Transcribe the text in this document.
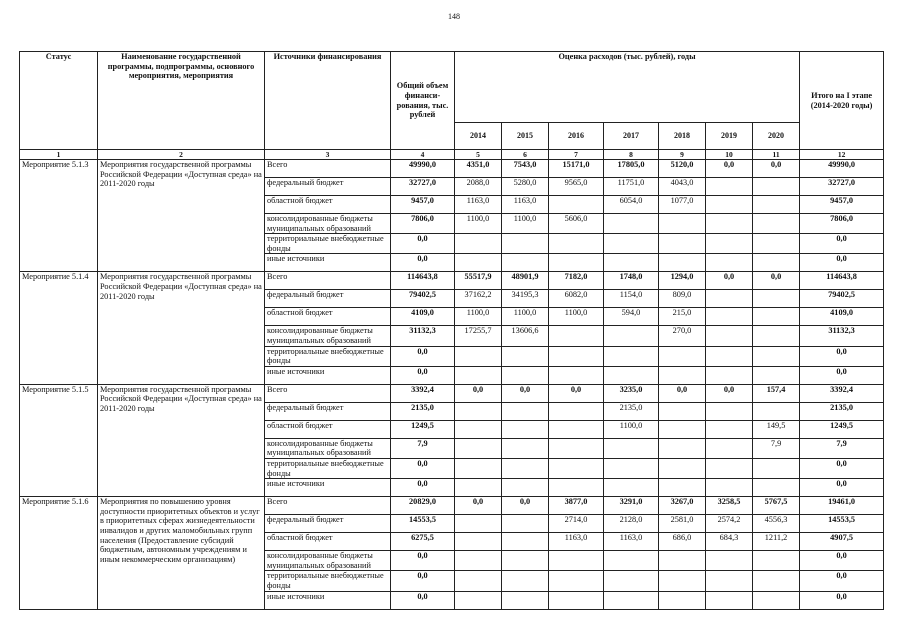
148
Статус	Наименование государственной программы, подпрограммы, основного мероприятия, мероприятия	Источники финансирования	Общий объем финанси-рования, тыс. рублей	Оценка расходов (тыс. рублей), годы							Итого на I этапе (2014-2020 годы)
				2014	2015	2016	2017	2018	2019	2020	
1	2	3	4	5	6	7	8	9	10	11	12
Мероприятие 5.1.3	Мероприятия государственной программы Российской Федерации «Доступная среда» на 2011-2020 годы	Всего	49990,0	4351,0	7543,0	15171,0	17805,0	5120,0	0,0	0,0	49990,0
		федеральный бюджет	32727,0	2088,0	5280,0	9565,0	11751,0	4043,0			32727,0
		областной бюджет	9457,0	1163,0	1163,0		6054,0	1077,0			9457,0
		консолидированные бюджеты муниципальных образований	7806,0	1100,0	1100,0	5606,0					7806,0
		территориальные внебюджетные фонды	0,0								0,0
		иные источники	0,0								0,0
Мероприятие 5.1.4	Мероприятия государственной программы Российской Федерации «Доступная среда» на 2011-2020 годы	Всего	114643,8	55517,9	48901,9	7182,0	1748,0	1294,0	0,0	0,0	114643,8
		федеральный бюджет	79402,5	37162,2	34195,3	6082,0	1154,0	809,0			79402,5
		областной бюджет	4109,0	1100,0	1100,0	1100,0	594,0	215,0			4109,0
		консолидированные бюджеты муниципальных образований	31132,3	17255,7	13606,6			270,0			31132,3
		территориальные внебюджетные фонды	0,0								0,0
		иные источники	0,0								0,0
Мероприятие 5.1.5	Мероприятия государственной программы Российской Федерации «Доступная среда» на 2011-2020 годы	Всего	3392,4	0,0	0,0	0,0	3235,0	0,0	0,0	157,4	3392,4
		федеральный бюджет	2135,0				2135,0				2135,0
		областной бюджет	1249,5				1100,0			149,5	1249,5
		консолидированные бюджеты муниципальных образований	7,9							7,9	7,9
		территориальные внебюджетные фонды	0,0								0,0
		иные источники	0,0								0,0
Мероприятие 5.1.6	Мероприятия по повышению уровня доступности приоритетных объектов и услуг в приоритетных сферах жизнедеятельности инвалидов и других маломобильных групп населения (Предоставление субсидий бюджетным, автономным учреждениям и иным некоммерческим организациям)	Всего	20829,0	0,0	0,0	3877,0	3291,0	3267,0	3258,5	5767,5	19461,0
		федеральный бюджет	14553,5			2714,0	2128,0	2581,0	2574,2	4556,3	14553,5
		областной бюджет	6275,5			1163,0	1163,0	686,0	684,3	1211,2	4907,5
		консолидированные бюджеты муниципальных образований	0,0								0,0
		территориальные внебюджетные фонды	0,0								0,0
		иные источники	0,0								0,0
